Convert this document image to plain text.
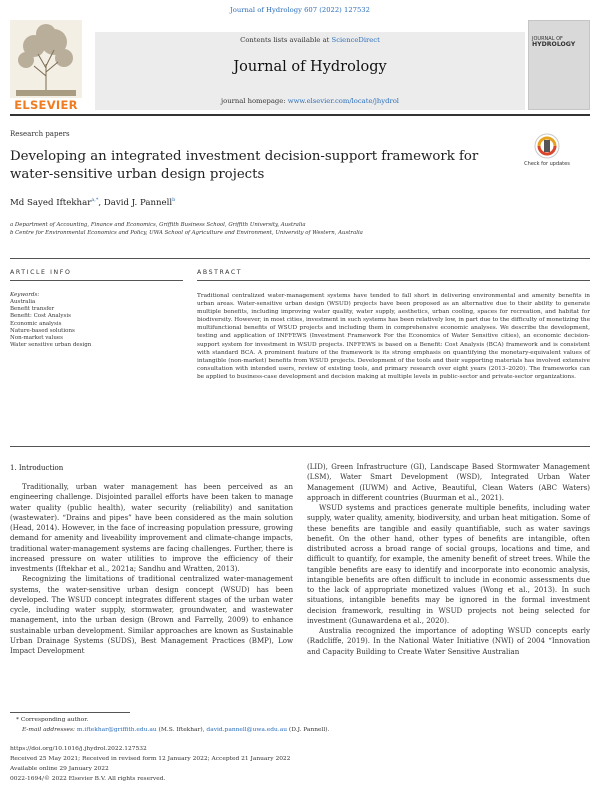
Journal of Hydrology 607 (2022) 127532
ELSEVIER
Contents lists available at ScienceDirect
Journal of Hydrology
journal homepage: www.elsevier.com/locate/jhydrol
JOURNAL OF
HYDROLOGY
Research papers
Developing an integrated investment decision-support framework for water-sensitive urban design projects
Check for updates
Md Sayed Iftekhar$^{a,*}$, David J. Pannell$^b$
a Department of Accounting, Finance and Economics, Griffith Business School, Griffith University, Australia
b Centre for Environmental Economics and Policy, UWA School of Agriculture and Environment, University of Western, Australia
ARTICLE INFO	ABSTRACT
Keywords:
Australia
Benefit transfer
Benefit: Cost Analysis
Economic analysis
Nature-based solutions
Non-market values
Water sensitive urban design
Traditional centralized water-management systems have tended to fall short in delivering environmental and amenity benefits in urban areas. Water-sensitive urban design (WSUD) projects have been proposed as an alternative due to their ability to generate multiple benefits, including improving water quality, water supply, aesthetics, urban cooling, spaces for recreation, and habitat for biodiversity. However, in most cities, investment in such systems has been relatively low, in part due to the difficulty of monetizing the multifunctional benefits of WSUD projects and including them in comprehensive economic analyses. We describe the development, testing and application of INFFEWS (Investment Framework For the Economics of Water Sensitive cities), an economic decision-support system for investment in WSUD projects. INFFEWS is based on a Benefit: Cost Analysis (BCA) framework and is consistent with standard BCA. A prominent feature of the framework is its strong emphasis on quantifying the monetary-equivalent values of intangible (non-market) benefits from WSUD projects. Development of the tools and their supporting materials has involved extensive consultation with intended users, review of existing tools, and primary research over eight years (2013–2020). The frameworks can be applied to business-case development and decision making at multiple levels in public-sector and private-sector organizations.
1. Introduction

Traditionally, urban water management has been perceived as an engineering challenge. Disjointed parallel efforts have been taken to manage water quality (public health), water security (reliability) and sanitation (wastewater). “Drains and pipes” have been considered as the main solution (Head, 2014). However, in the face of increasing population pressure, growing demand for amenity and liveability improvement and climate-change impacts, traditional water-management systems are facing challenges. Further, there is increased pressure on water utilities to improve the efficiency of their investments (Iftekhar et al., 2021a; Sandhu and Wratten, 2013).

Recognizing the limitations of traditional centralized water-management systems, the water-sensitive urban design concept (WSUD) has been developed. The WSUD concept integrates different stages of the urban water cycle, including water supply, stormwater, groundwater, and wastewater management, into the urban design (Brown and Farrelly, 2009) to enhance sustainable urban development. Similar approaches are known as Sustainable Urban Drainage Systems (SUDS), Best Management Practices (BMP), Low Impact Development

(LID), Green Infrastructure (GI), Landscape Based Stormwater Management (LSM), Water Smart Development (WSD), Integrated Urban Water Management (IUWM) and Active, Beautiful, Clean Waters (ABC Waters) approach in different countries (Buurman et al., 2021).

WSUD systems and practices generate multiple benefits, including water supply, water quality, amenity, biodiversity, and urban heat mitigation. Some of these benefits are tangible and easily quantifiable, such as water savings benefit. On the other hand, other types of benefits are intangible, often distributed across a broad range of social groups, locations and time, and difficult to quantify, for example, the amenity benefit of street trees. While the tangible benefits are easy to identify and incorporate into economic analysis, intangible benefits are often difficult to include in economic assessments due to the lack of appropriate monetized values (Wong et al., 2013). In such situations, intangible benefits may be ignored in the formal investment decision framework, resulting in WSUD projects not being selected for investment (Gunawardena et al., 2020).

Australia recognized the importance of adopting WSUD concepts early (Radcliffe, 2019). In the National Water Initiative (NWI) of 2004 “Innovation and Capacity Building to Create Water Sensitive Australian

* Corresponding author.
E-mail addresses: m.iftekhar@griffith.edu.au (M.S. Iftekhar), david.pannell@uwa.edu.au (D.J. Pannell).
https://doi.org/10.1016/j.jhydrol.2022.127532
Received 25 May 2021; Received in revised form 12 January 2022; Accepted 21 January 2022
Available online 29 January 2022
0022-1694/© 2022 Elsevier B.V. All rights reserved.
